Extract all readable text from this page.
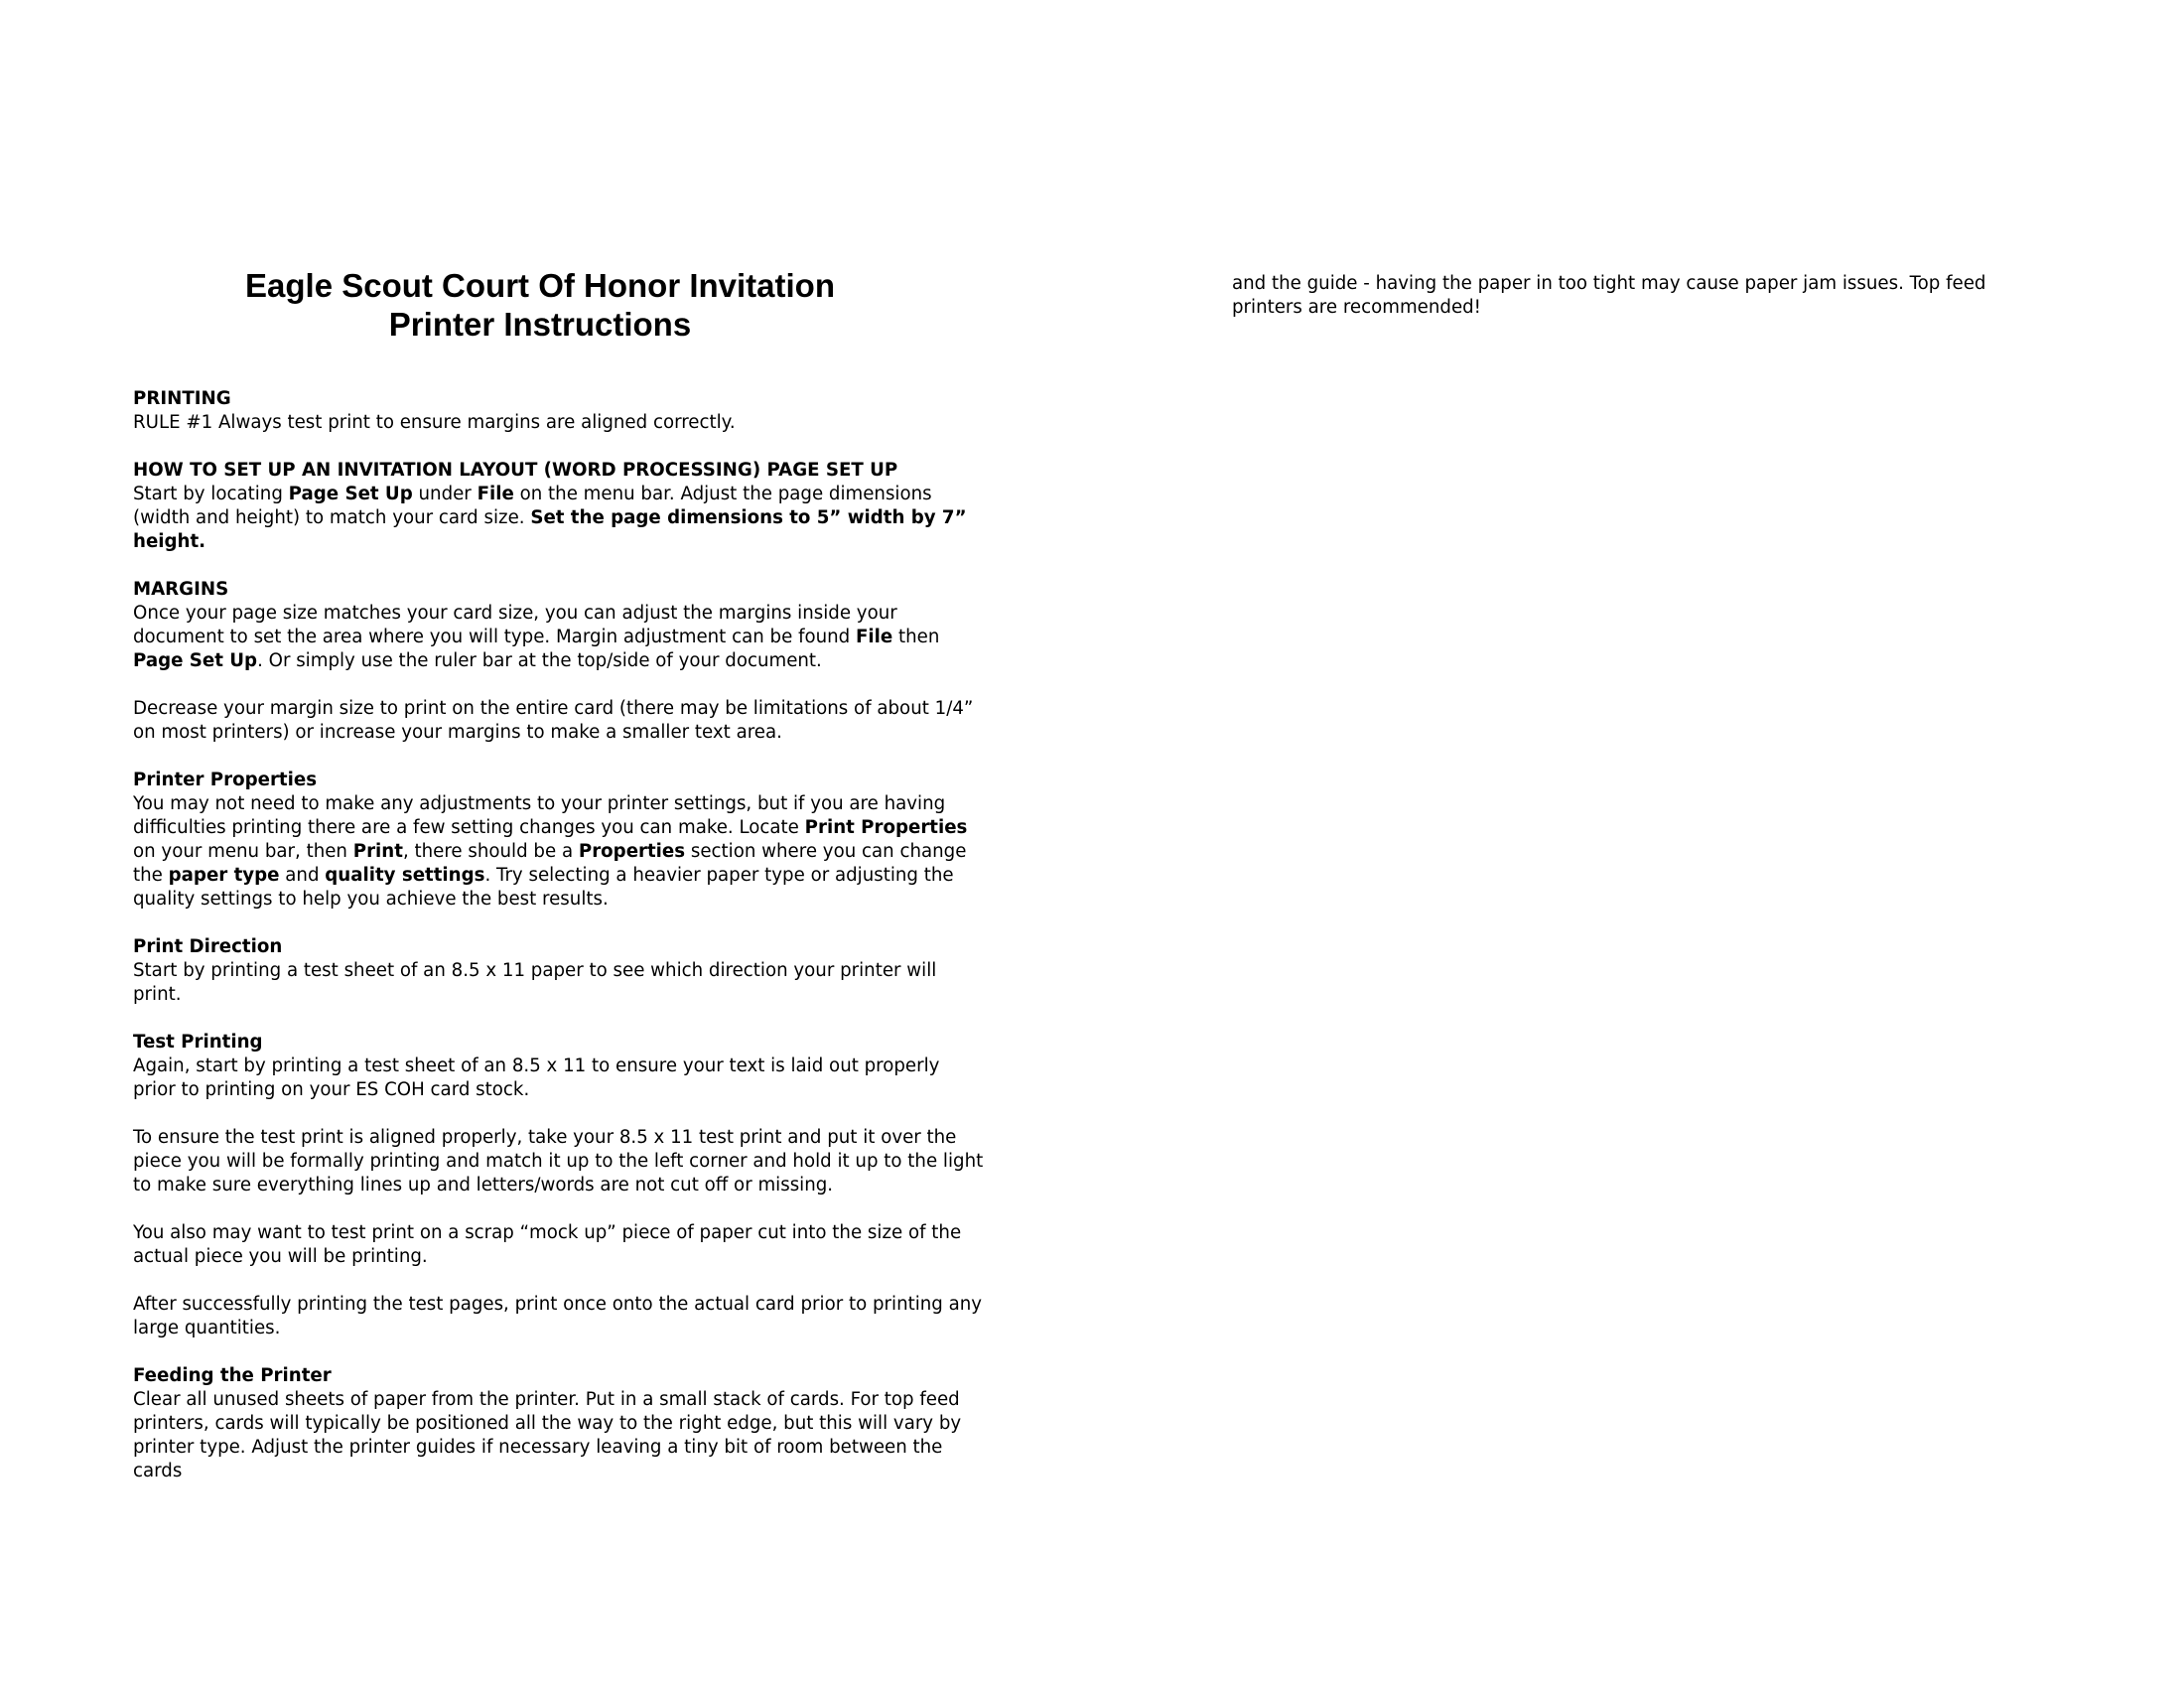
Eagle Scout Court Of Honor Invitation
Printer Instructions
PRINTING
RULE #1 Always test print to ensure margins are aligned correctly.
HOW TO SET UP AN INVITATION LAYOUT (WORD PROCESSING) PAGE SET UP
Start by locating Page Set Up under File on the menu bar. Adjust the page dimensions (width and height) to match your card size. Set the page dimensions to 5” width by 7” height.
MARGINS
Once your page size matches your card size, you can adjust the margins inside your document to set the area where you will type. Margin adjustment can be found File then Page Set Up. Or simply use the ruler bar at the top/side of your document.

Decrease your margin size to print on the entire card (there may be limitations of about 1/4” on most printers) or increase your margins to make a smaller text area.

Printer Properties
You may not need to make any adjustments to your printer settings, but if you are having difficulties printing there are a few setting changes you can make. Locate Print Properties on your menu bar, then Print, there should be a Properties section where you can change the paper type and quality settings. Try selecting a heavier paper type or adjusting the quality settings to help you achieve the best results.
Print Direction
Start by printing a test sheet of an 8.5 x 11 paper to see which direction your printer will print.
Test Printing
Again, start by printing a test sheet of an 8.5 x 11 to ensure your text is laid out properly prior to printing on your ES COH card stock.

To ensure the test print is aligned properly, take your 8.5 x 11 test print and put it over the piece you will be formally printing and match it up to the left corner and hold it up to the light to make sure everything lines up and letters/words are not cut off or missing.

You also may want to test print on a scrap “mock up” piece of paper cut into the size of the actual piece you will be printing.

After successfully printing the test pages, print once onto the actual card prior to printing any large quantities.

Feeding the Printer
Clear all unused sheets of paper from the printer. Put in a small stack of cards. For top feed printers, cards will typically be positioned all the way to the right edge, but this will vary by printer type. Adjust the printer guides if necessary leaving a tiny bit of room between the cards
and the guide - having the paper in too tight may cause paper jam issues. Top feed printers are recommended!
